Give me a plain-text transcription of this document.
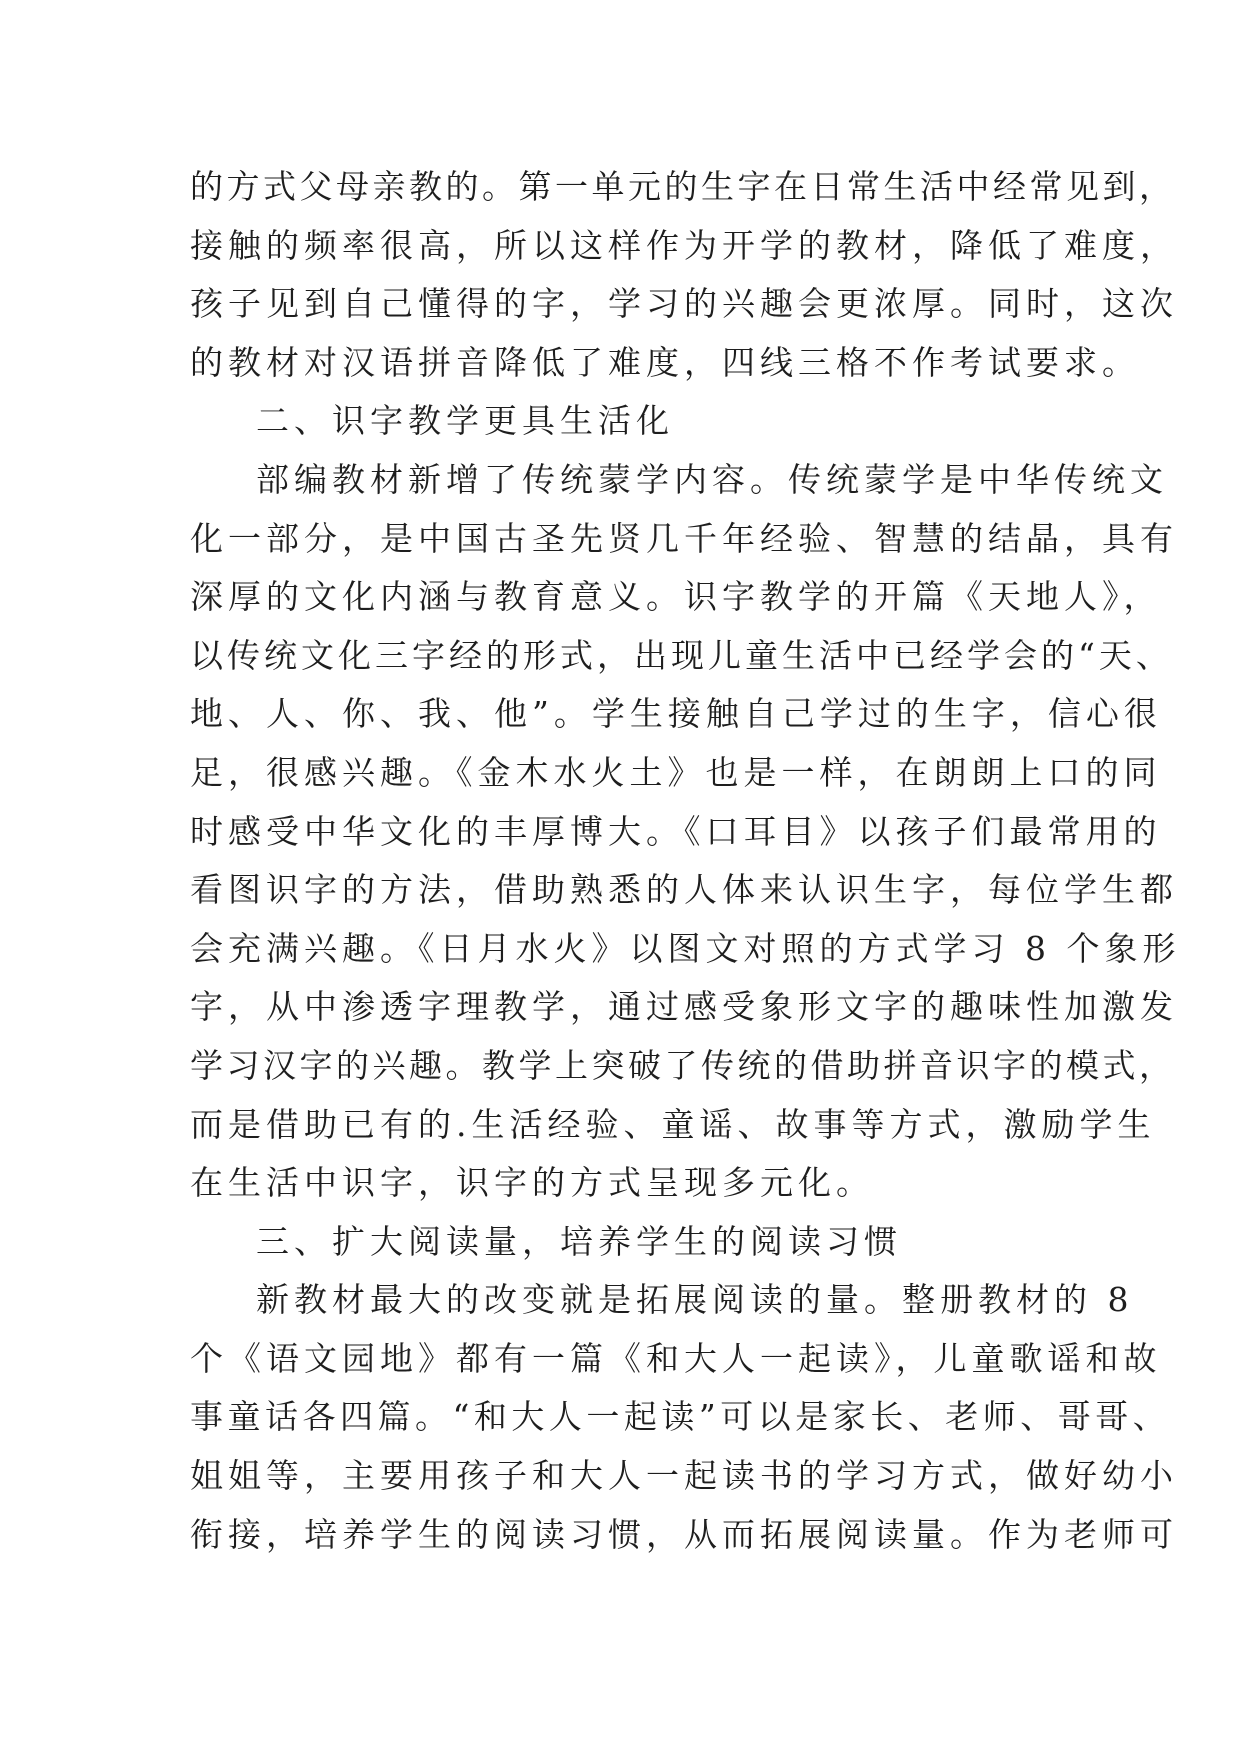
的方式父母亲教的。第一单元的生字在日常生活中经常见到，
接触的频率很高，所以这样作为开学的教材，降低了难度，
孩子见到自己懂得的字，学习的兴趣会更浓厚。同时，这次
的教材对汉语拼音降低了难度，四线三格不作考试要求。
二、识字教学更具生活化
部编教材新增了传统蒙学内容。传统蒙学是中华传统文
化一部分，是中国古圣先贤几千年经验、智慧的结晶，具有
深厚的文化内涵与教育意义。识字教学的开篇《天地人》，
以传统文化三字经的形式，出现儿童生活中已经学会的“天、
地、人、你、我、他”。学生接触自己学过的生字，信心很
足，很感兴趣。《金木水火土》也是一样，在朗朗上口的同
时感受中华文化的丰厚博大。《口耳目》以孩子们最常用的
看图识字的方法，借助熟悉的人体来认识生字，每位学生都
会充满兴趣。《日月水火》以图文对照的方式学习 8 个象形
字，从中渗透字理教学，通过感受象形文字的趣味性加激发
学习汉字的兴趣。教学上突破了传统的借助拼音识字的模式，
而是借助已有的.生活经验、童谣、故事等方式，激励学生
在生活中识字，识字的方式呈现多元化。
三、扩大阅读量，培养学生的阅读习惯
新教材最大的改变就是拓展阅读的量。整册教材的 8
个《语文园地》都有一篇《和大人一起读》，儿童歌谣和故
事童话各四篇。“和大人一起读”可以是家长、老师、哥哥、
姐姐等，主要用孩子和大人一起读书的学习方式，做好幼小
衔接，培养学生的阅读习惯，从而拓展阅读量。作为老师可
